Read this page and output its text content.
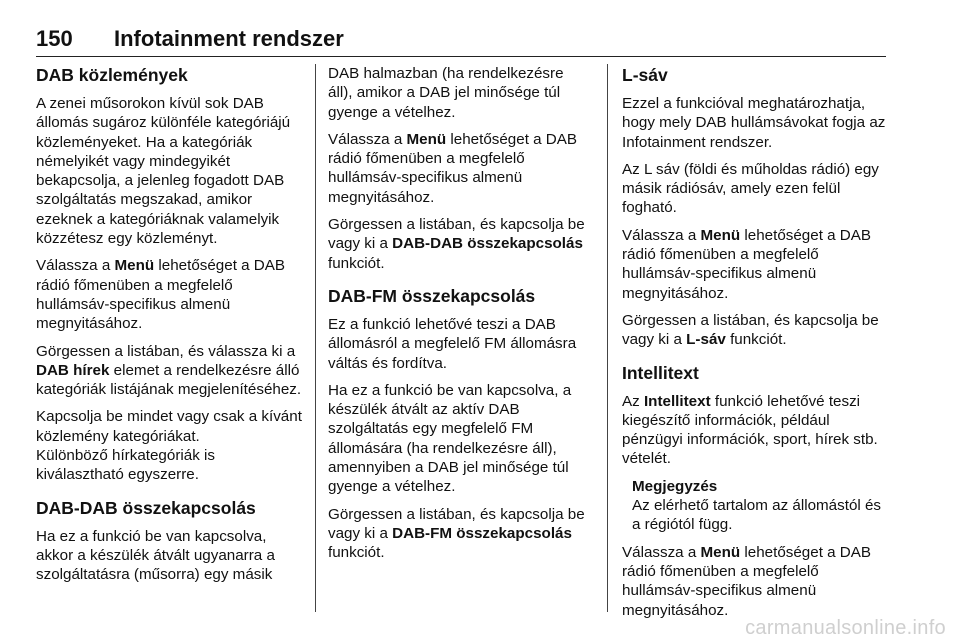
150 Infotainment rendszer
DAB közlemények

A zenei műsorokon kívül sok DAB állomás sugároz különféle kategóriájú közleményeket. Ha a kategóriák némelyikét vagy mindegyikét bekapcsolja, a jelenleg fogadott DAB szolgáltatás megszakad, amikor ezeknek a kategóriáknak valamelyik közzétesz egy közleményt.

Válassza a Menü lehetőséget a DAB rádió főmenüben a megfelelő hullámsáv-specifikus almenü megnyitásához.

Görgessen a listában, és válassza ki a DAB hírek elemet a rendelkezésre álló kategóriák listájának megjelenítéséhez.

Kapcsolja be mindet vagy csak a kívánt közlemény kategóriákat.

Különböző hírkategóriák is kiválasztható egyszerre.

DAB-DAB összekapcsolás

Ha ez a funkció be van kapcsolva, akkor a készülék átvált ugyanarra a szolgáltatásra (műsorra) egy másik

DAB halmazban (ha rendelkezésre áll), amikor a DAB jel minősége túl gyenge a vételhez.

Válassza a Menü lehetőséget a DAB rádió főmenüben a megfelelő hullámsáv-specifikus almenü megnyitásához.

Görgessen a listában, és kapcsolja be vagy ki a DAB-DAB összekapcsolás funkciót.

DAB-FM összekapcsolás

Ez a funkció lehetővé teszi a DAB állomásról a megfelelő FM állomásra váltás és fordítva.

Ha ez a funkció be van kapcsolva, a készülék átvált az aktív DAB szolgáltatás egy megfelelő FM állomására (ha rendelkezésre áll), amennyiben a DAB jel minősége túl gyenge a vételhez.

Görgessen a listában, és kapcsolja be vagy ki a DAB-FM összekapcsolás funkciót.

L-sáv

Ezzel a funkcióval meghatározhatja, hogy mely DAB hullámsávokat fogja az Infotainment rendszer.

Az L sáv (földi és műholdas rádió) egy másik rádiósáv, amely ezen felül fogható.

Válassza a Menü lehetőséget a DAB rádió főmenüben a megfelelő hullámsáv-specifikus almenü megnyitásához.

Görgessen a listában, és kapcsolja be vagy ki a L-sáv funkciót.

Intellitext

Az Intellitext funkció lehetővé teszi kiegészítő információk, például pénzügyi információk, sport, hírek stb. vételét.

Megjegyzés

Az elérhető tartalom az állomástól és a régiótól függ.

Válassza a Menü lehetőséget a DAB rádió főmenüben a megfelelő hullámsáv-specifikus almenü megnyitásához.

carmanualsonline.info
